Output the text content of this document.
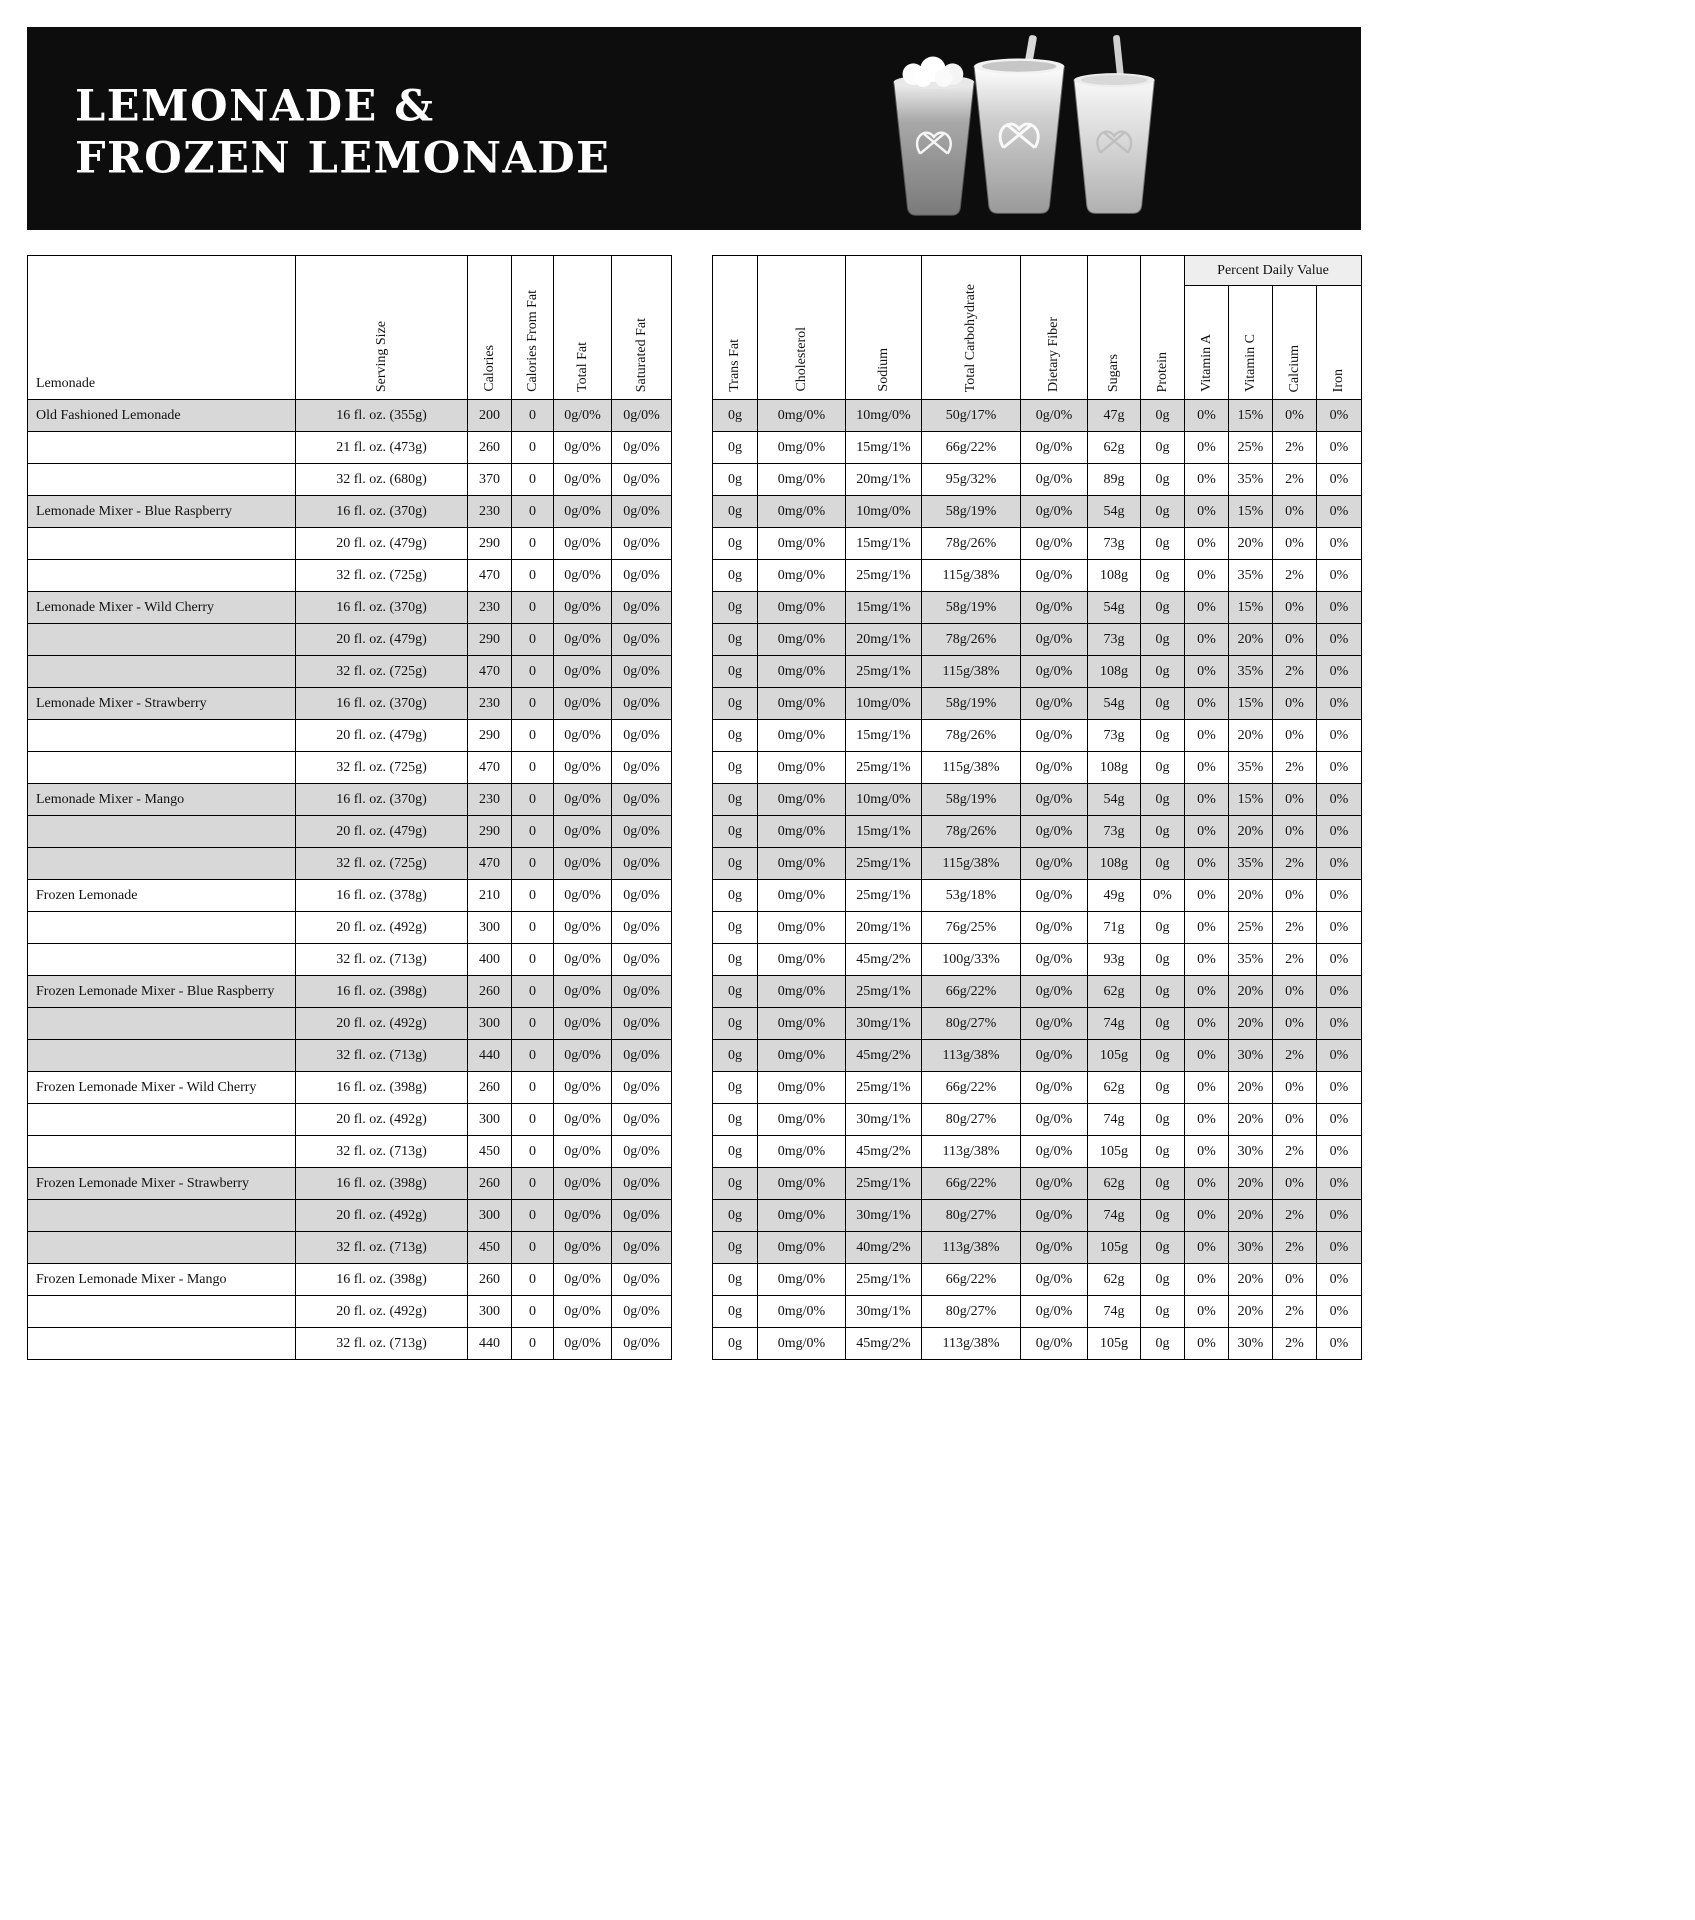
LEMONADE &
FROZEN LEMONADE
Lemonade	Serving Size	Calories	Calories From Fat	Total Fat	Saturated Fat

Old Fashioned Lemonade	16 fl. oz. (355g)	200	0	0g/0%	0g/0%
	21 fl. oz. (473g)	260	0	0g/0%	0g/0%
	32 fl. oz. (680g)	370	0	0g/0%	0g/0%
Lemonade Mixer - Blue Raspberry	16 fl. oz. (370g)	230	0	0g/0%	0g/0%
	20 fl. oz. (479g)	290	0	0g/0%	0g/0%
	32 fl. oz. (725g)	470	0	0g/0%	0g/0%
Lemonade Mixer - Wild Cherry	16 fl. oz. (370g)	230	0	0g/0%	0g/0%
	20 fl. oz. (479g)	290	0	0g/0%	0g/0%
	32 fl. oz. (725g)	470	0	0g/0%	0g/0%
Lemonade Mixer - Strawberry	16 fl. oz. (370g)	230	0	0g/0%	0g/0%
	20 fl. oz. (479g)	290	0	0g/0%	0g/0%
	32 fl. oz. (725g)	470	0	0g/0%	0g/0%
Lemonade Mixer - Mango	16 fl. oz. (370g)	230	0	0g/0%	0g/0%
	20 fl. oz. (479g)	290	0	0g/0%	0g/0%
	32 fl. oz. (725g)	470	0	0g/0%	0g/0%
Frozen Lemonade	16 fl. oz. (378g)	210	0	0g/0%	0g/0%
	20 fl. oz. (492g)	300	0	0g/0%	0g/0%
	32 fl. oz. (713g)	400	0	0g/0%	0g/0%
Frozen Lemonade Mixer - Blue Raspberry	16 fl. oz. (398g)	260	0	0g/0%	0g/0%
	20 fl. oz. (492g)	300	0	0g/0%	0g/0%
	32 fl. oz. (713g)	440	0	0g/0%	0g/0%
Frozen Lemonade Mixer - Wild Cherry	16 fl. oz. (398g)	260	0	0g/0%	0g/0%
	20 fl. oz. (492g)	300	0	0g/0%	0g/0%
	32 fl. oz. (713g)	450	0	0g/0%	0g/0%
Frozen Lemonade Mixer - Strawberry	16 fl. oz. (398g)	260	0	0g/0%	0g/0%
	20 fl. oz. (492g)	300	0	0g/0%	0g/0%
	32 fl. oz. (713g)	450	0	0g/0%	0g/0%
Frozen Lemonade Mixer - Mango	16 fl. oz. (398g)	260	0	0g/0%	0g/0%
	20 fl. oz. (492g)	300	0	0g/0%	0g/0%
	32 fl. oz. (713g)	440	0	0g/0%	0g/0%
Trans Fat	Cholesterol	Sodium	Total Carbohydrate	Dietary Fiber	Sugars	Protein	Percent Daily Value			

							Vitamin A	Vitamin C	Calcium	Iron

0g	0mg/0%	10mg/0%	50g/17%	0g/0%	47g	0g	0%	15%	0%	0%
0g	0mg/0%	15mg/1%	66g/22%	0g/0%	62g	0g	0%	25%	2%	0%
0g	0mg/0%	20mg/1%	95g/32%	0g/0%	89g	0g	0%	35%	2%	0%
0g	0mg/0%	10mg/0%	58g/19%	0g/0%	54g	0g	0%	15%	0%	0%
0g	0mg/0%	15mg/1%	78g/26%	0g/0%	73g	0g	0%	20%	0%	0%
0g	0mg/0%	25mg/1%	115g/38%	0g/0%	108g	0g	0%	35%	2%	0%
0g	0mg/0%	15mg/1%	58g/19%	0g/0%	54g	0g	0%	15%	0%	0%
0g	0mg/0%	20mg/1%	78g/26%	0g/0%	73g	0g	0%	20%	0%	0%
0g	0mg/0%	25mg/1%	115g/38%	0g/0%	108g	0g	0%	35%	2%	0%
0g	0mg/0%	10mg/0%	58g/19%	0g/0%	54g	0g	0%	15%	0%	0%
0g	0mg/0%	15mg/1%	78g/26%	0g/0%	73g	0g	0%	20%	0%	0%
0g	0mg/0%	25mg/1%	115g/38%	0g/0%	108g	0g	0%	35%	2%	0%
0g	0mg/0%	10mg/0%	58g/19%	0g/0%	54g	0g	0%	15%	0%	0%
0g	0mg/0%	15mg/1%	78g/26%	0g/0%	73g	0g	0%	20%	0%	0%
0g	0mg/0%	25mg/1%	115g/38%	0g/0%	108g	0g	0%	35%	2%	0%
0g	0mg/0%	25mg/1%	53g/18%	0g/0%	49g	0%	0%	20%	0%	0%
0g	0mg/0%	20mg/1%	76g/25%	0g/0%	71g	0g	0%	25%	2%	0%
0g	0mg/0%	45mg/2%	100g/33%	0g/0%	93g	0g	0%	35%	2%	0%
0g	0mg/0%	25mg/1%	66g/22%	0g/0%	62g	0g	0%	20%	0%	0%
0g	0mg/0%	30mg/1%	80g/27%	0g/0%	74g	0g	0%	20%	0%	0%
0g	0mg/0%	45mg/2%	113g/38%	0g/0%	105g	0g	0%	30%	2%	0%
0g	0mg/0%	25mg/1%	66g/22%	0g/0%	62g	0g	0%	20%	0%	0%
0g	0mg/0%	30mg/1%	80g/27%	0g/0%	74g	0g	0%	20%	0%	0%
0g	0mg/0%	45mg/2%	113g/38%	0g/0%	105g	0g	0%	30%	2%	0%
0g	0mg/0%	25mg/1%	66g/22%	0g/0%	62g	0g	0%	20%	0%	0%
0g	0mg/0%	30mg/1%	80g/27%	0g/0%	74g	0g	0%	20%	2%	0%
0g	0mg/0%	40mg/2%	113g/38%	0g/0%	105g	0g	0%	30%	2%	0%
0g	0mg/0%	25mg/1%	66g/22%	0g/0%	62g	0g	0%	20%	0%	0%
0g	0mg/0%	30mg/1%	80g/27%	0g/0%	74g	0g	0%	20%	2%	0%
0g	0mg/0%	45mg/2%	113g/38%	0g/0%	105g	0g	0%	30%	2%	0%
